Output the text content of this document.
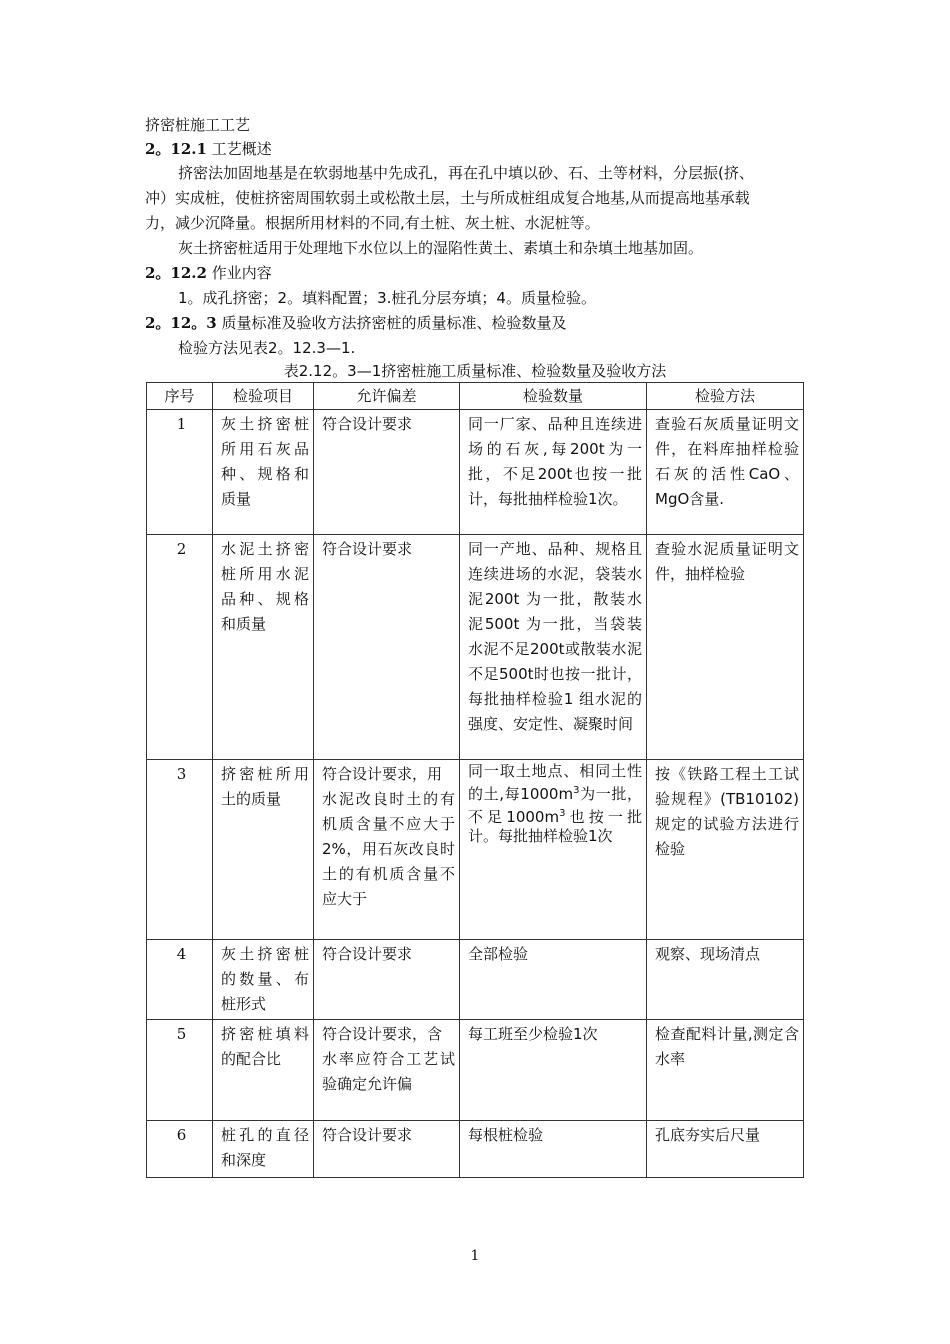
挤密桩施工工艺
2。12.1 工艺概述
挤密法加固地基是在软弱地基中先成孔，再在孔中填以砂、石、土等材料，分层振(挤、
冲）实成桩，使桩挤密周围软弱土或松散土层，土与所成桩组成复合地基,从而提高地基承载
力，减少沉降量。根据所用材料的不同,有土桩、灰土桩、水泥桩等。
灰土挤密桩适用于处理地下水位以上的湿陷性黄土、素填土和杂填土地基加固。
2。12.2 作业内容
1。成孔挤密；2。填料配置；3.桩孔分层夯填；4。质量检验。
2。12。3 质量标准及验收方法挤密桩的质量标准、检验数量及
检验方法见表2。12.3—1.
表2.12。3—1挤密桩施工质量标准、检验数量及验收方法
序号	检验项目	允许偏差	检验数量	检验方法
1	灰土挤密桩所用石灰品种、规格和质量	符合设计要求	同一厂家、品种且连续进场的石灰,每200t为一批，不足200t也按一批计，每批抽样检验1次。	查验石灰质量证明文件，在料库抽样检验石灰的活性CaO、MgO含量.
2	水泥土挤密桩所用水泥品种、规格和质量	符合设计要求	同一产地、品种、规格且连续进场的水泥，袋装水泥200t 为一批，散装水泥500t 为一批，当袋装水泥不足200t或散装水泥不足500t时也按一批计，每批抽样检验1 组水泥的强度、安定性、凝聚时间	查验水泥质量证明文件，抽样检验
3	挤密桩所用土的质量	符合设计要求，用
水泥改良时土的有机质含量不应大于2%，用石灰改良时土的有机质含量不应大于	同一取土地点、相同土性的土,每$1000m^3$为一批，不足$1000m^3$也按一批计。每批抽样检验1次	按《铁路工程土工试验规程》(TB10102)规定的试验方法进行检验
4	灰土挤密桩的数量、布桩形式	符合设计要求	全部检验	观察、现场清点
5	挤密桩填料的配合比	符合设计要求，含
水率应符合工艺试验确定允许偏	每工班至少检验1次	检查配料计量,测定含水率
6	桩孔的直径和深度	符合设计要求	每根桩检验	孔底夯实后尺量
1
